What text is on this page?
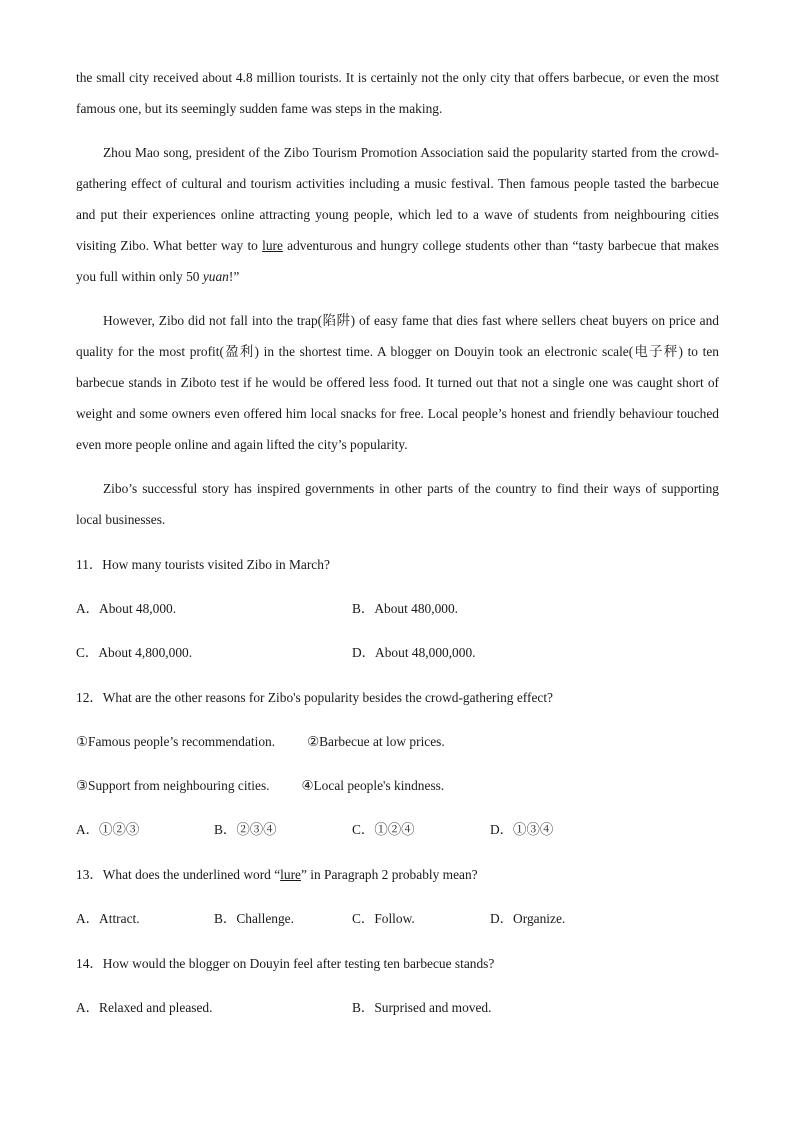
the small city received about 4.8 million tourists. It is certainly not the only city that offers barbecue, or even the most famous one, but its seemingly sudden fame was steps in the making.

Zhou Mao song, president of the Zibo Tourism Promotion Association said the popularity started from the crowd-gathering effect of cultural and tourism activities including a music festival. Then famous people tasted the barbecue and put their experiences online attracting young people, which led to a wave of students from neighbouring cities visiting Zibo. What better way to lure adventurous and hungry college students other than “tasty barbecue that makes you full within only 50 yuan!”

However, Zibo did not fall into the trap(陷阱) of easy fame that dies fast where sellers cheat buyers on price and quality for the most profit(盈利) in the shortest time. A blogger on Douyin took an electronic scale(电子秤) to ten barbecue stands in Ziboto test if he would be offered less food. It turned out that not a single one was caught short of weight and some owners even offered him local snacks for free. Local people’s honest and friendly behaviour touched even more people online and again lifted the city’s popularity.

Zibo’s successful story has inspired governments in other parts of the country to find their ways of supporting local businesses.

11．How many tourists visited Zibo in March?
A．About 48,000.	B．About 480,000.
C．About 4,800,000.	D．About 48,000,000.
12．What are the other reasons for Zibo's popularity besides the crowd-gathering effect?
①Famous people’s recommendation. ②Barbecue at low prices.
③Support from neighbouring cities. ④Local people's kindness.
A．①②③	B．②③④	C．①②④	D．①③④
13．What does the underlined word “lure” in Paragraph 2 probably mean?
A．Attract.	B．Challenge.	C．Follow.	D．Organize.
14．How would the blogger on Douyin feel after testing ten barbecue stands?
A．Relaxed and pleased.	B．Surprised and moved.
